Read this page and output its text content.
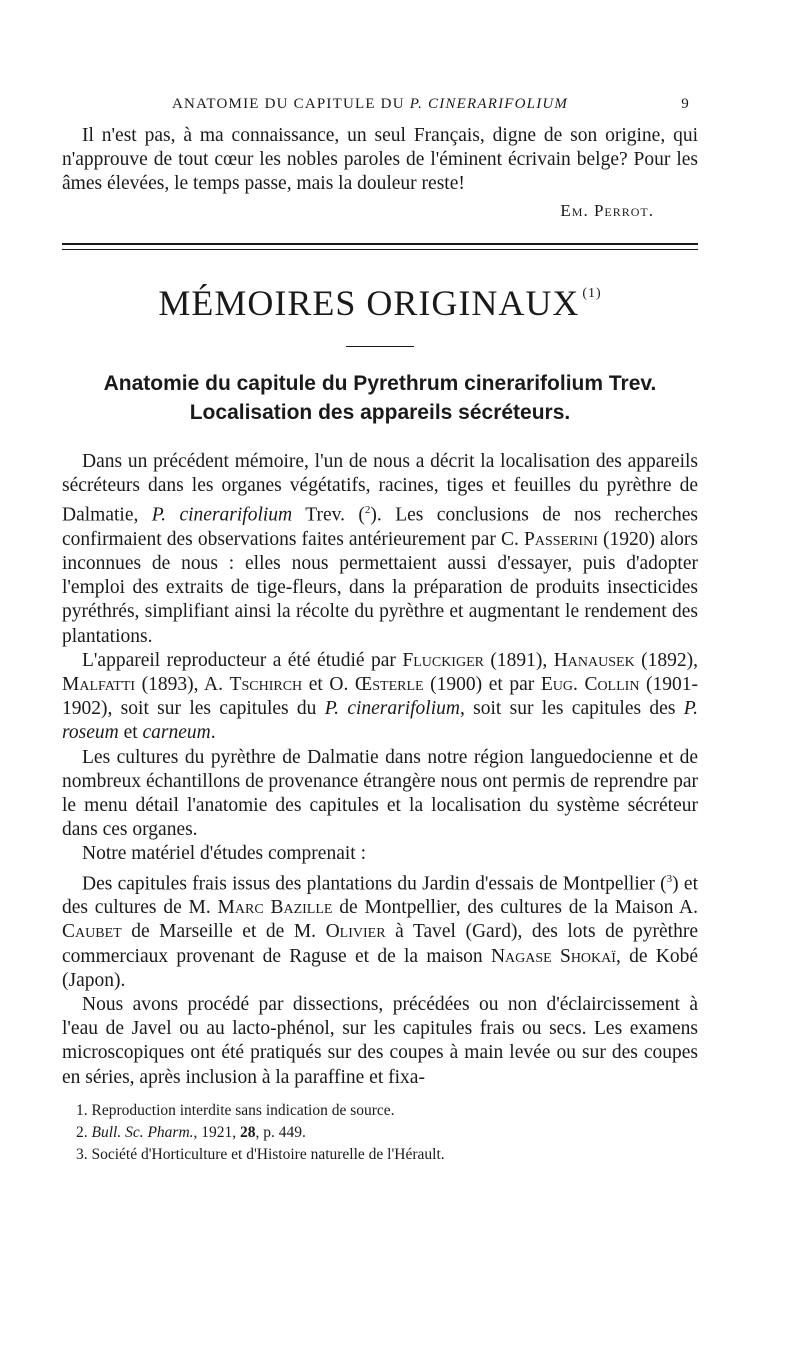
ANATOMIE DU CAPITULE DU P. CINERARIFOLIUM	9

Il n'est pas, à ma connaissance, un seul Français, digne de son origine, qui n'approuve de tout cœur les nobles paroles de l'éminent écrivain belge? Pour les âmes élevées, le temps passe, mais la douleur reste!

Em. Perrot.

MÉMOIRES ORIGINAUX $^{(1)}$
Anatomie du capitule du Pyrethrum cinerarifolium Trev.
Localisation des appareils sécréteurs.

Dans un précédent mémoire, l'un de nous a décrit la localisation des appareils sécréteurs dans les organes végétatifs, racines, tiges et feuilles du pyrèthre de Dalmatie, P. cinerarifolium Trev. ($^2$). Les conclusions de nos recherches confirmaient des observations faites antérieurement par C. Passerini (1920) alors inconnues de nous : elles nous permettaient aussi d'essayer, puis d'adopter l'emploi des extraits de tige-fleurs, dans la préparation de produits insecticides pyréthrés, simplifiant ainsi la récolte du pyrèthre et augmentant le rendement des plantations.

L'appareil reproducteur a été étudié par Fluckiger (1891), Hanausek (1892), Malfatti (1893), A. Tschirch et O. Œsterle (1900) et par Eug. Collin (1901-1902), soit sur les capitules du P. cinerarifolium, soit sur les capitules des P. roseum et carneum.

Les cultures du pyrèthre de Dalmatie dans notre région languedocienne et de nombreux échantillons de provenance étrangère nous ont permis de reprendre par le menu détail l'anatomie des capitules et la localisation du système sécréteur dans ces organes.

Notre matériel d'études comprenait :

Des capitules frais issus des plantations du Jardin d'essais de Montpellier ($^3$) et des cultures de M. Marc Bazille de Montpellier, des cultures de la Maison A. Caubet de Marseille et de M. Olivier à Tavel (Gard), des lots de pyrèthre commerciaux provenant de Raguse et de la maison Nagase Shokaï, de Kobé (Japon).

Nous avons procédé par dissections, précédées ou non d'éclaircissement à l'eau de Javel ou au lacto-phénol, sur les capitules frais ou secs. Les examens microscopiques ont été pratiqués sur des coupes à main levée ou sur des coupes en séries, après inclusion à la paraffine et fixa-

1. Reproduction interdite sans indication de source.

2. Bull. Sc. Pharm., 1921, 28, p. 449.

3. Société d'Horticulture et d'Histoire naturelle de l'Hérault.
